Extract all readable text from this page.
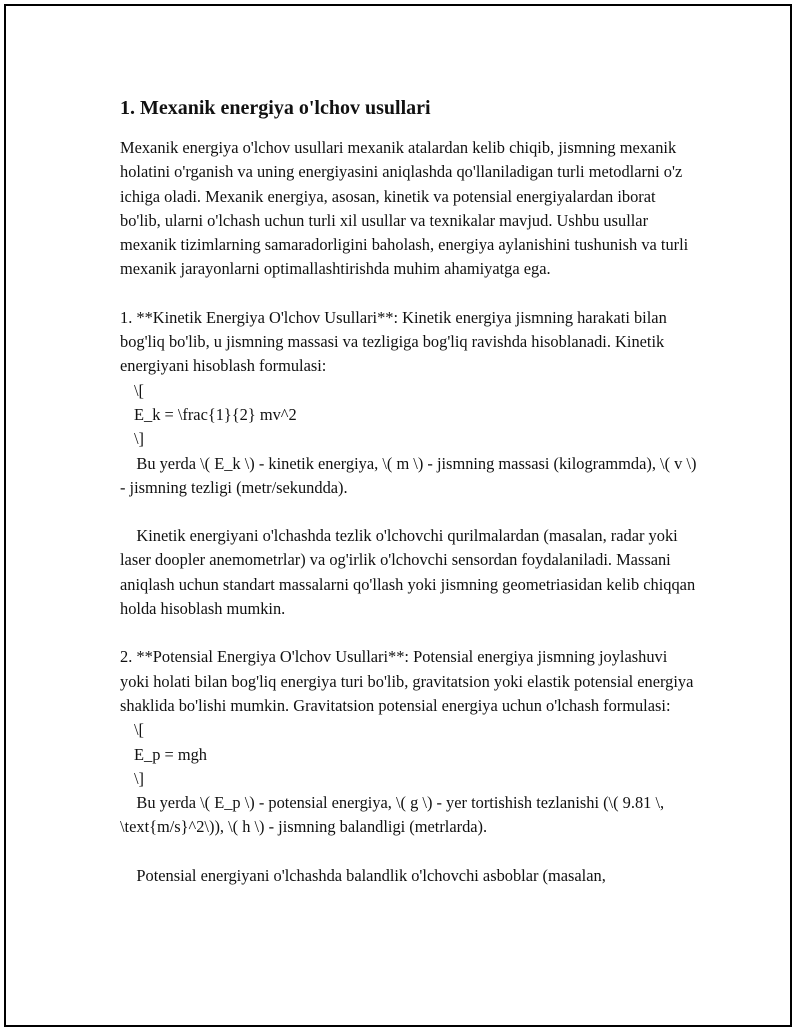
1. Mexanik energiya o'lchov usullari

Mexanik energiya o'lchov usullari mexanik atalardan kelib chiqib, jismning mexanik holatini o'rganish va uning energiyasini aniqlashda qo'llaniladigan turli metodlarni o'z ichiga oladi. Mexanik energiya, asosan, kinetik va potensial energiyalardan iborat bo'lib, ularni o'lchash uchun turli xil usullar va texnikalar mavjud. Ushbu usullar mexanik tizimlarning samaradorligini baholash, energiya aylanishini tushunish va turli mexanik jarayonlarni optimallashtirishda muhim ahamiyatga ega.

1. **Kinetik Energiya O'lchov Usullari**: Kinetik energiya jismning harakati bilan bog'liq bo'lib, u jismning massasi va tezligiga bog'liq ravishda hisoblanadi. Kinetik energiyani hisoblash formulasi:
\[
E_k = \frac{1}{2} mv^2
\]
 Bu yerda \( E_k \) - kinetik energiya, \( m \) - jismning massasi (kilogrammda), \( v \) - jismning tezligi (metr/sekundda).

 Kinetik energiyani o'lchashda tezlik o'lchovchi qurilmalardan (masalan, radar yoki laser doopler anemometrlar) va og'irlik o'lchovchi sensordan foydalaniladi. Massani aniqlash uchun standart massalarni qo'llash yoki jismning geometriasidan kelib chiqqan holda hisoblash mumkin.

2. **Potensial Energiya O'lchov Usullari**: Potensial energiya jismning joylashuvi yoki holati bilan bog'liq energiya turi bo'lib, gravitatsion yoki elastik potensial energiya shaklida bo'lishi mumkin. Gravitatsion potensial energiya uchun o'lchash formulasi:
\[
E_p = mgh
\]
 Bu yerda \( E_p \) - potensial energiya, \( g \) - yer tortishish tezlanishi (\( 9.81 \, \text{m/s}^2\)), \( h \) - jismning balandligi (metrlarda).

 Potensial energiyani o'lchashda balandlik o'lchovchi asboblar (masalan,
